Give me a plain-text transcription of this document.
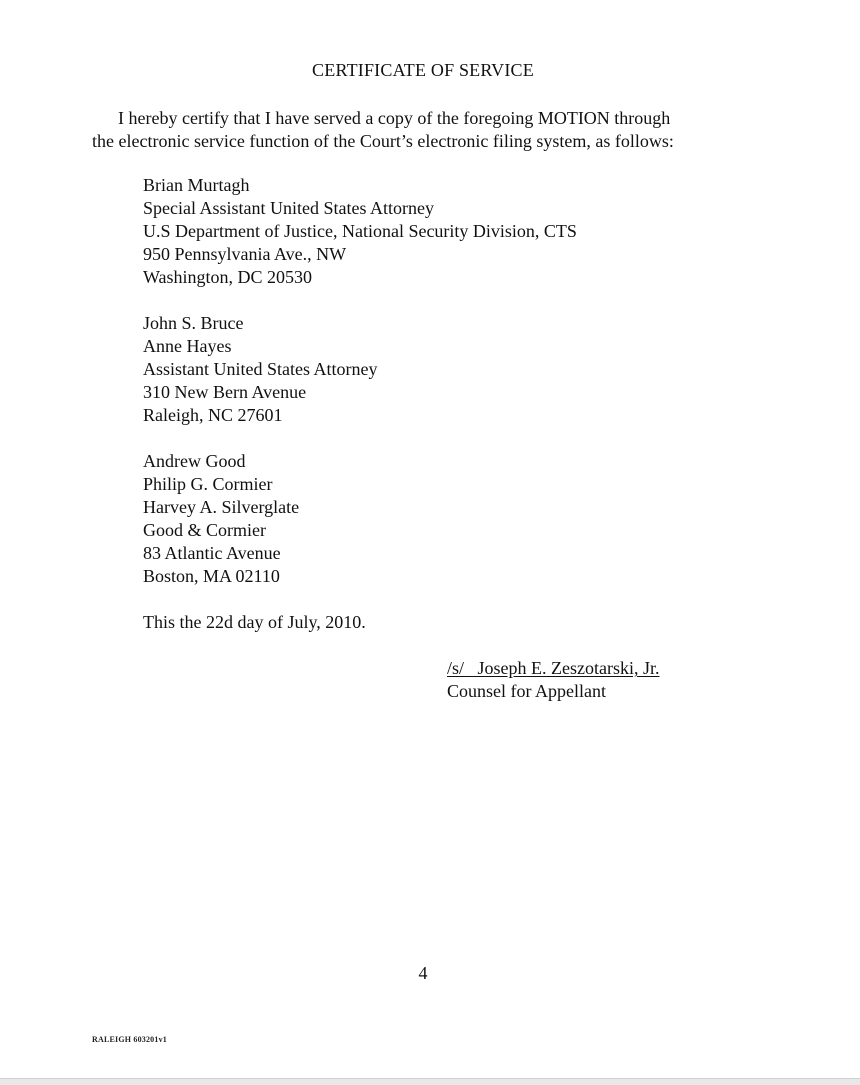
CERTIFICATE OF SERVICE
I hereby certify that I have served a copy of the foregoing MOTION through
the electronic service function of the Court’s electronic filing system, as follows:
Brian Murtagh
Special Assistant United States Attorney
U.S Department of Justice, National Security Division, CTS
950 Pennsylvania Ave., NW
Washington, DC 20530
John S. Bruce
Anne Hayes
Assistant United States Attorney
310 New Bern Avenue
Raleigh, NC 27601
Andrew Good
Philip G. Cormier
Harvey A. Silverglate
Good & Cormier
83 Atlantic Avenue
Boston, MA 02110
This the 22d day of July, 2010.
/s/   Joseph E. Zeszotarski, Jr.
Counsel for Appellant
4
RALEIGH 603201v1
